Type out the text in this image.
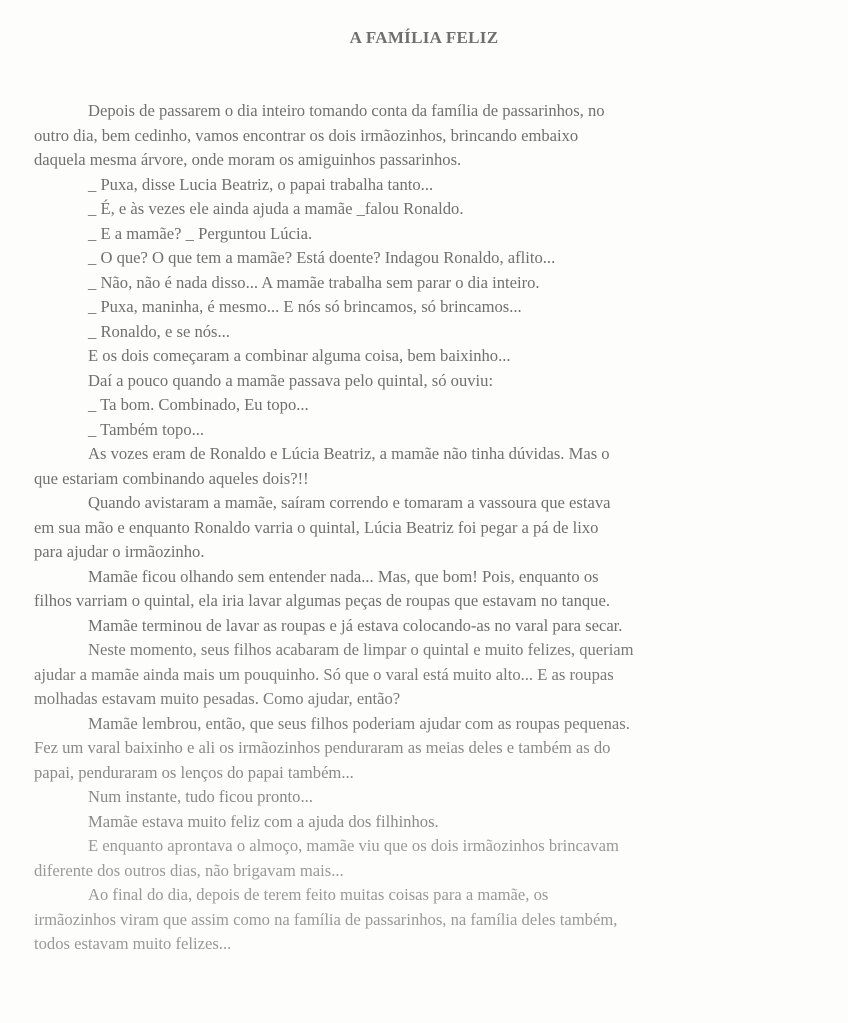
A FAMÍLIA FELIZ
Depois de passarem o dia inteiro tomando conta da família de passarinhos, no
outro dia, bem cedinho, vamos encontrar os dois irmãozinhos, brincando embaixo
daquela mesma árvore, onde moram os amiguinhos passarinhos.
_ Puxa, disse Lucia Beatriz, o papai trabalha tanto...
_ É, e às vezes ele ainda ajuda a mamãe _falou Ronaldo.
_ E a mamãe? _ Perguntou Lúcia.
_ O que? O que tem a mamãe? Está doente? Indagou Ronaldo, aflito...
_ Não, não é nada disso... A mamãe trabalha sem parar o dia inteiro.
_ Puxa, maninha, é mesmo... E nós só brincamos, só brincamos...
_ Ronaldo, e se nós...
E os dois começaram a combinar alguma coisa, bem baixinho...
Daí a pouco quando a mamãe passava pelo quintal, só ouviu:
_ Ta bom. Combinado, Eu topo...
_ Também topo...
As vozes eram de Ronaldo e Lúcia Beatriz, a mamãe não tinha dúvidas. Mas o
que estariam combinando aqueles dois?!!
Quando avistaram a mamãe, saíram correndo e tomaram a vassoura que estava
em sua mão e enquanto Ronaldo varria o quintal, Lúcia Beatriz foi pegar a pá de lixo
para ajudar o irmãozinho.
Mamãe ficou olhando sem entender nada... Mas, que bom! Pois, enquanto os
filhos varriam o quintal, ela iria lavar algumas peças de roupas que estavam no tanque.
Mamãe terminou de lavar as roupas e já estava colocando-as no varal para secar.
Neste momento, seus filhos acabaram de limpar o quintal e muito felizes, queriam
ajudar a mamãe ainda mais um pouquinho. Só que o varal está muito alto... E as roupas
molhadas estavam muito pesadas. Como ajudar, então?
Mamãe lembrou, então, que seus filhos poderiam ajudar com as roupas pequenas.
Fez um varal baixinho e ali os irmãozinhos penduraram as meias deles e também as do
papai, penduraram os lenços do papai também...
Num instante, tudo ficou pronto...
Mamãe estava muito feliz com a ajuda dos filhinhos.
E enquanto aprontava o almoço, mamãe viu que os dois irmãozinhos brincavam
diferente dos outros dias, não brigavam mais...
Ao final do dia, depois de terem feito muitas coisas para a mamãe, os
irmãozinhos viram que assim como na família de passarinhos, na família deles também,
todos estavam muito felizes...
